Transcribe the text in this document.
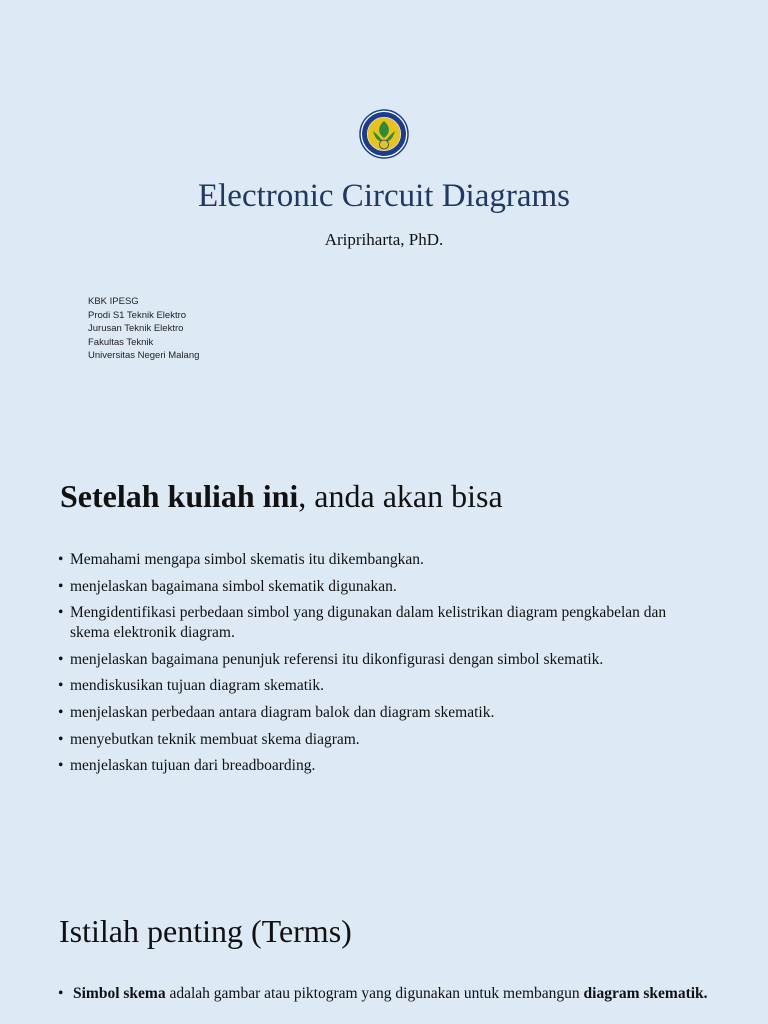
Electronic Circuit Diagrams
Aripriharta, PhD.
KBK IPESG
Prodi S1 Teknik Elektro
Jurusan Teknik Elektro
Fakultas Teknik
Universitas Negeri Malang
Setelah kuliah ini, anda akan bisa
• Memahami mengapa simbol skematis itu dikembangkan.
• menjelaskan bagaimana simbol skematik digunakan.
• Mengidentifikasi perbedaan simbol yang digunakan dalam kelistrikan diagram pengkabelan dan skema elektronik diagram.
• menjelaskan bagaimana penunjuk referensi itu dikonfigurasi dengan simbol skematik.
• mendiskusikan tujuan diagram skematik.
• menjelaskan perbedaan antara diagram balok dan diagram skematik.
• menyebutkan teknik membuat skema diagram.
• menjelaskan tujuan dari breadboarding.
Istilah penting (Terms)
• Simbol skema adalah gambar atau piktogram yang digunakan untuk membangun diagram skematik.
